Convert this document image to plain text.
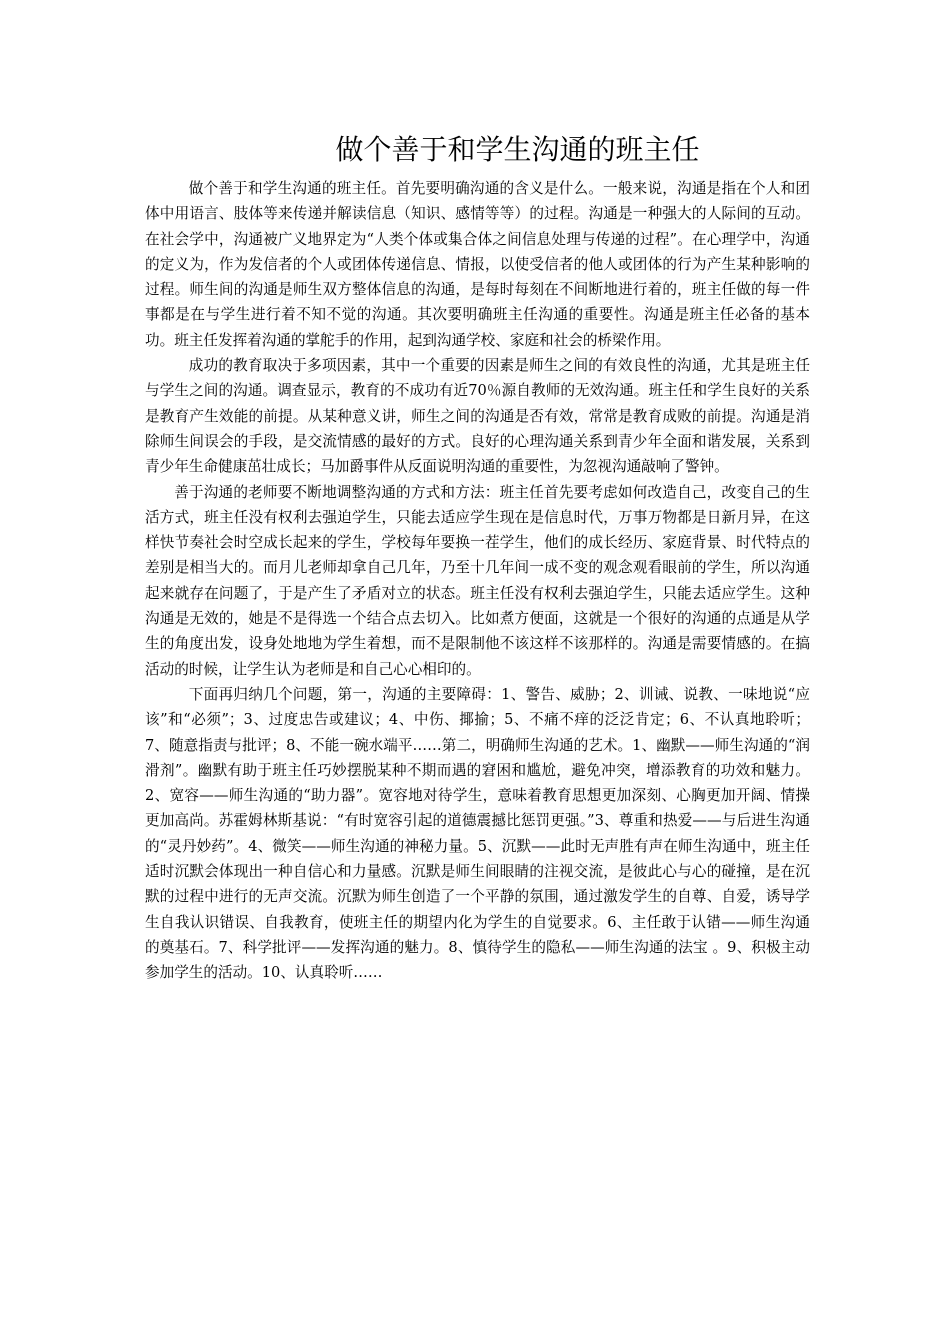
做个善于和学生沟通的班主任

做个善于和学生沟通的班主任。首先要明确沟通的含义是什么。一般来说，沟通是指在个人和团体中用语言、肢体等来传递并解读信息（知识、感情等等）的过程。沟通是一种强大的人际间的互动。在社会学中，沟通被广义地界定为“人类个体或集合体之间信息处理与传递的过程”。在心理学中，沟通的定义为，作为发信者的个人或团体传递信息、情报，以使受信者的他人或团体的行为产生某种影响的过程。师生间的沟通是师生双方整体信息的沟通，是每时每刻在不间断地进行着的，班主任做的每一件事都是在与学生进行着不知不觉的沟通。其次要明确班主任沟通的重要性。沟通是班主任必备的基本功。班主任发挥着沟通的掌舵手的作用，起到沟通学校、家庭和社会的桥梁作用。

成功的教育取决于多项因素，其中一个重要的因素是师生之间的有效良性的沟通，尤其是班主任与学生之间的沟通。调查显示，教育的不成功有近70％源自教师的无效沟通。班主任和学生良好的关系是教育产生效能的前提。从某种意义讲，师生之间的沟通是否有效，常常是教育成败的前提。沟通是消除师生间误会的手段，是交流情感的最好的方式。良好的心理沟通关系到青少年全面和谐发展，关系到青少年生命健康茁壮成长；马加爵事件从反面说明沟通的重要性，为忽视沟通敲响了警钟。

善于沟通的老师要不断地调整沟通的方式和方法：班主任首先要考虑如何改造自己，改变自己的生活方式，班主任没有权利去强迫学生，只能去适应学生现在是信息时代，万事万物都是日新月异，在这样快节奏社会时空成长起来的学生，学校每年要换一茬学生，他们的成长经历、家庭背景、时代特点的差别是相当大的。而月儿老师却拿自己几年，乃至十几年间一成不变的观念观看眼前的学生，所以沟通起来就存在问题了，于是产生了矛盾对立的状态。班主任没有权利去强迫学生，只能去适应学生。这种沟通是无效的，她是不是得选一个结合点去切入。比如煮方便面，这就是一个很好的沟通的点通是从学生的角度出发，设身处地地为学生着想，而不是限制他不该这样不该那样的。沟通是需要情感的。在搞活动的时候，让学生认为老师是和自己心心相印的。

下面再归纳几个问题，第一，沟通的主要障碍：1、警告、威胁；2、训诫、说教、一味地说“应该”和“必须”；3、过度忠告或建议；4、中伤、揶揄；5、不痛不痒的泛泛肯定；6、不认真地聆听；7、随意指责与批评；8、不能一碗水端平……第二，明确师生沟通的艺术。1、幽默——师生沟通的“润滑剂”。幽默有助于班主任巧妙摆脱某种不期而遇的窘困和尴尬，避免冲突，增添教育的功效和魅力。2、宽容——师生沟通的“助力器”。宽容地对待学生，意味着教育思想更加深刻、心胸更加开阔、情操更加高尚。苏霍姆林斯基说：“有时宽容引起的道德震撼比惩罚更强。”3、尊重和热爱——与后进生沟通的“灵丹妙药”。4、微笑——师生沟通的神秘力量。5、沉默——此时无声胜有声在师生沟通中，班主任适时沉默会体现出一种自信心和力量感。沉默是师生间眼睛的注视交流，是彼此心与心的碰撞，是在沉默的过程中进行的无声交流。沉默为师生创造了一个平静的氛围，通过激发学生的自尊、自爱，诱导学生自我认识错误、自我教育，使班主任的期望内化为学生的自觉要求。6、主任敢于认错——师生沟通的奠基石。7、科学批评——发挥沟通的魅力。8、慎待学生的隐私——师生沟通的法宝 。9、积极主动参加学生的活动。10、认真聆听……
